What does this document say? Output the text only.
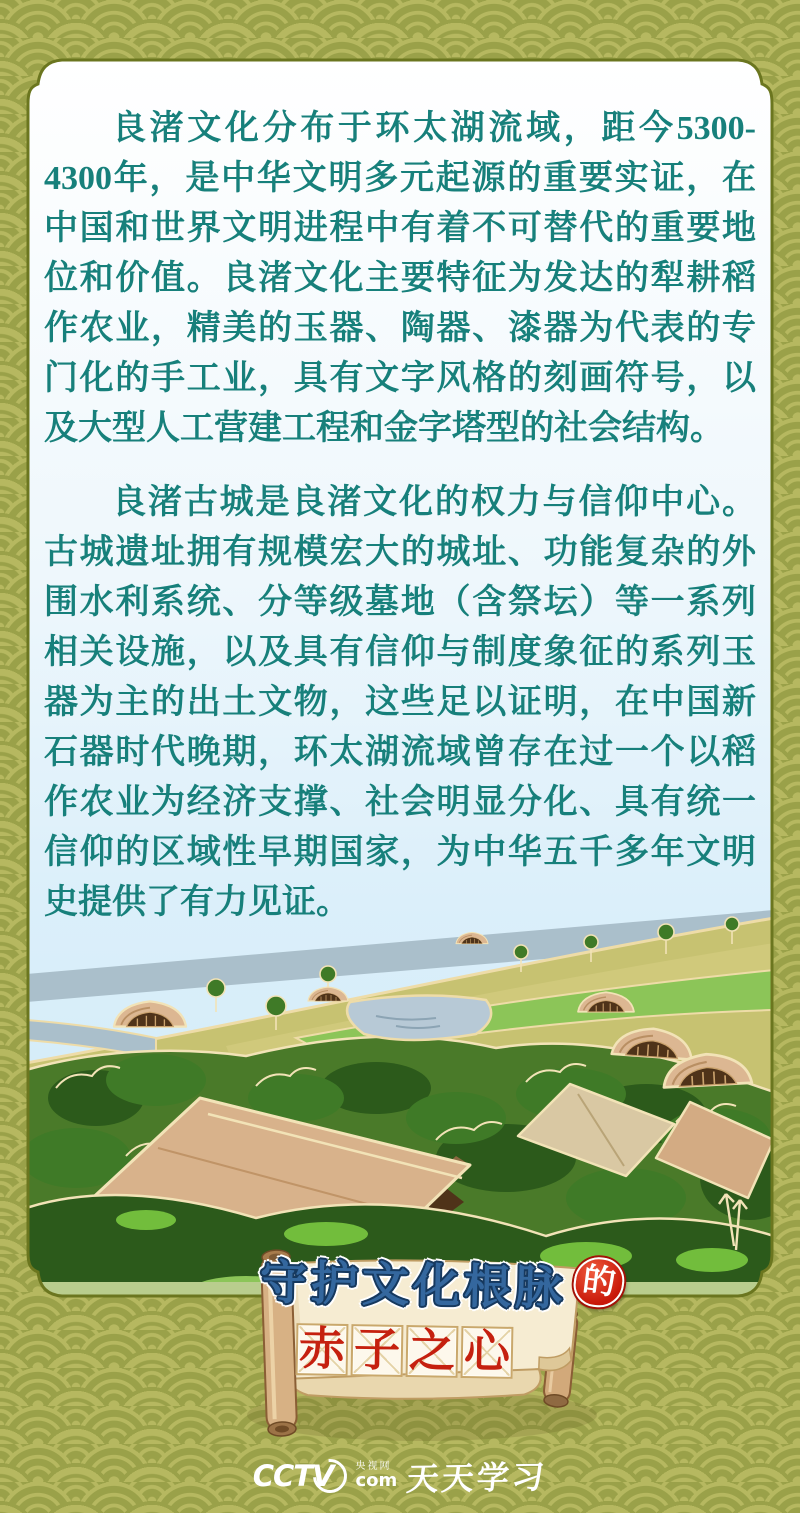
良渚文化分布于环太湖流域，距今5300-4300年，是中华文明多元起源的重要实证，在中国和世界文明进程中有着不可替代的重要地位和价值。良渚文化主要特征为发达的犁耕稻作农业，精美的玉器、陶器、漆器为代表的专门化的手工业，具有文字风格的刻画符号，以及大型人工营建工程和金字塔型的社会结构。

良渚古城是良渚文化的权力与信仰中心。古城遗址拥有规模宏大的城址、功能复杂的外围水利系统、分等级墓地（含祭坛）等一系列相关设施，以及具有信仰与制度象征的系列玉器为主的出土文物，这些足以证明，在中国新石器时代晚期，环太湖流域曾存在过一个以稻作农业为经济支撑、社会明显分化、具有统一信仰的区域性早期国家，为中华五千多年文明史提供了有力见证。

守护文化根脉 的
赤 子 之 心
CCTV 央视网
com 天天学习
